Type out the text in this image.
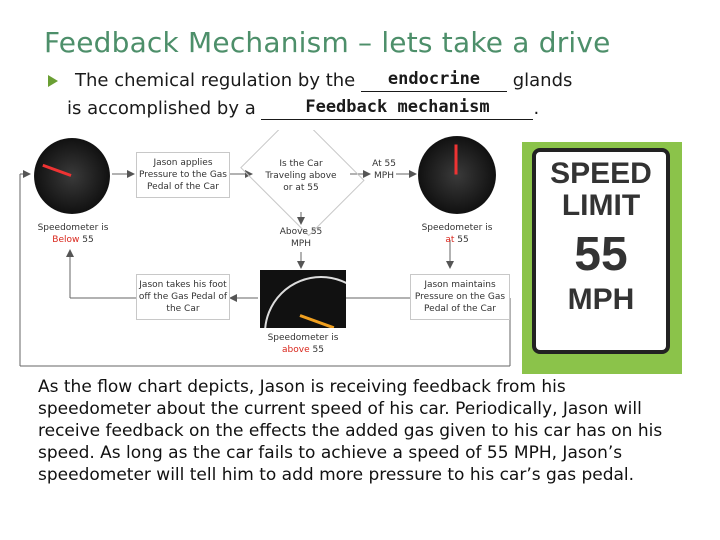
Feedback Mechanism – lets take a drive
The chemical regulation by the	endocrine	glands
is accomplished by a	Feedback mechanism	.
Speedometer is
Below 55
Jason applies Pressure to the Gas Pedal of the Car
Is the Car Traveling above or at 55
At 55 MPH
Speedometer is
at 55
Above 55 MPH
Jason takes his foot off the Gas Pedal of the Car
Jason maintains Pressure on the Gas Pedal of the Car
Speedometer is
above 55
SPEED
LIMIT
55
MPH
As the flow chart depicts, Jason is receiving feedback from his speedometer about the current speed of his car. Periodically, Jason will receive feedback on the effects the added gas given to his car has on his speed. As long as the car fails to achieve a speed of 55 MPH, Jason’s speedometer will tell him to add more pressure to his car’s gas pedal.
